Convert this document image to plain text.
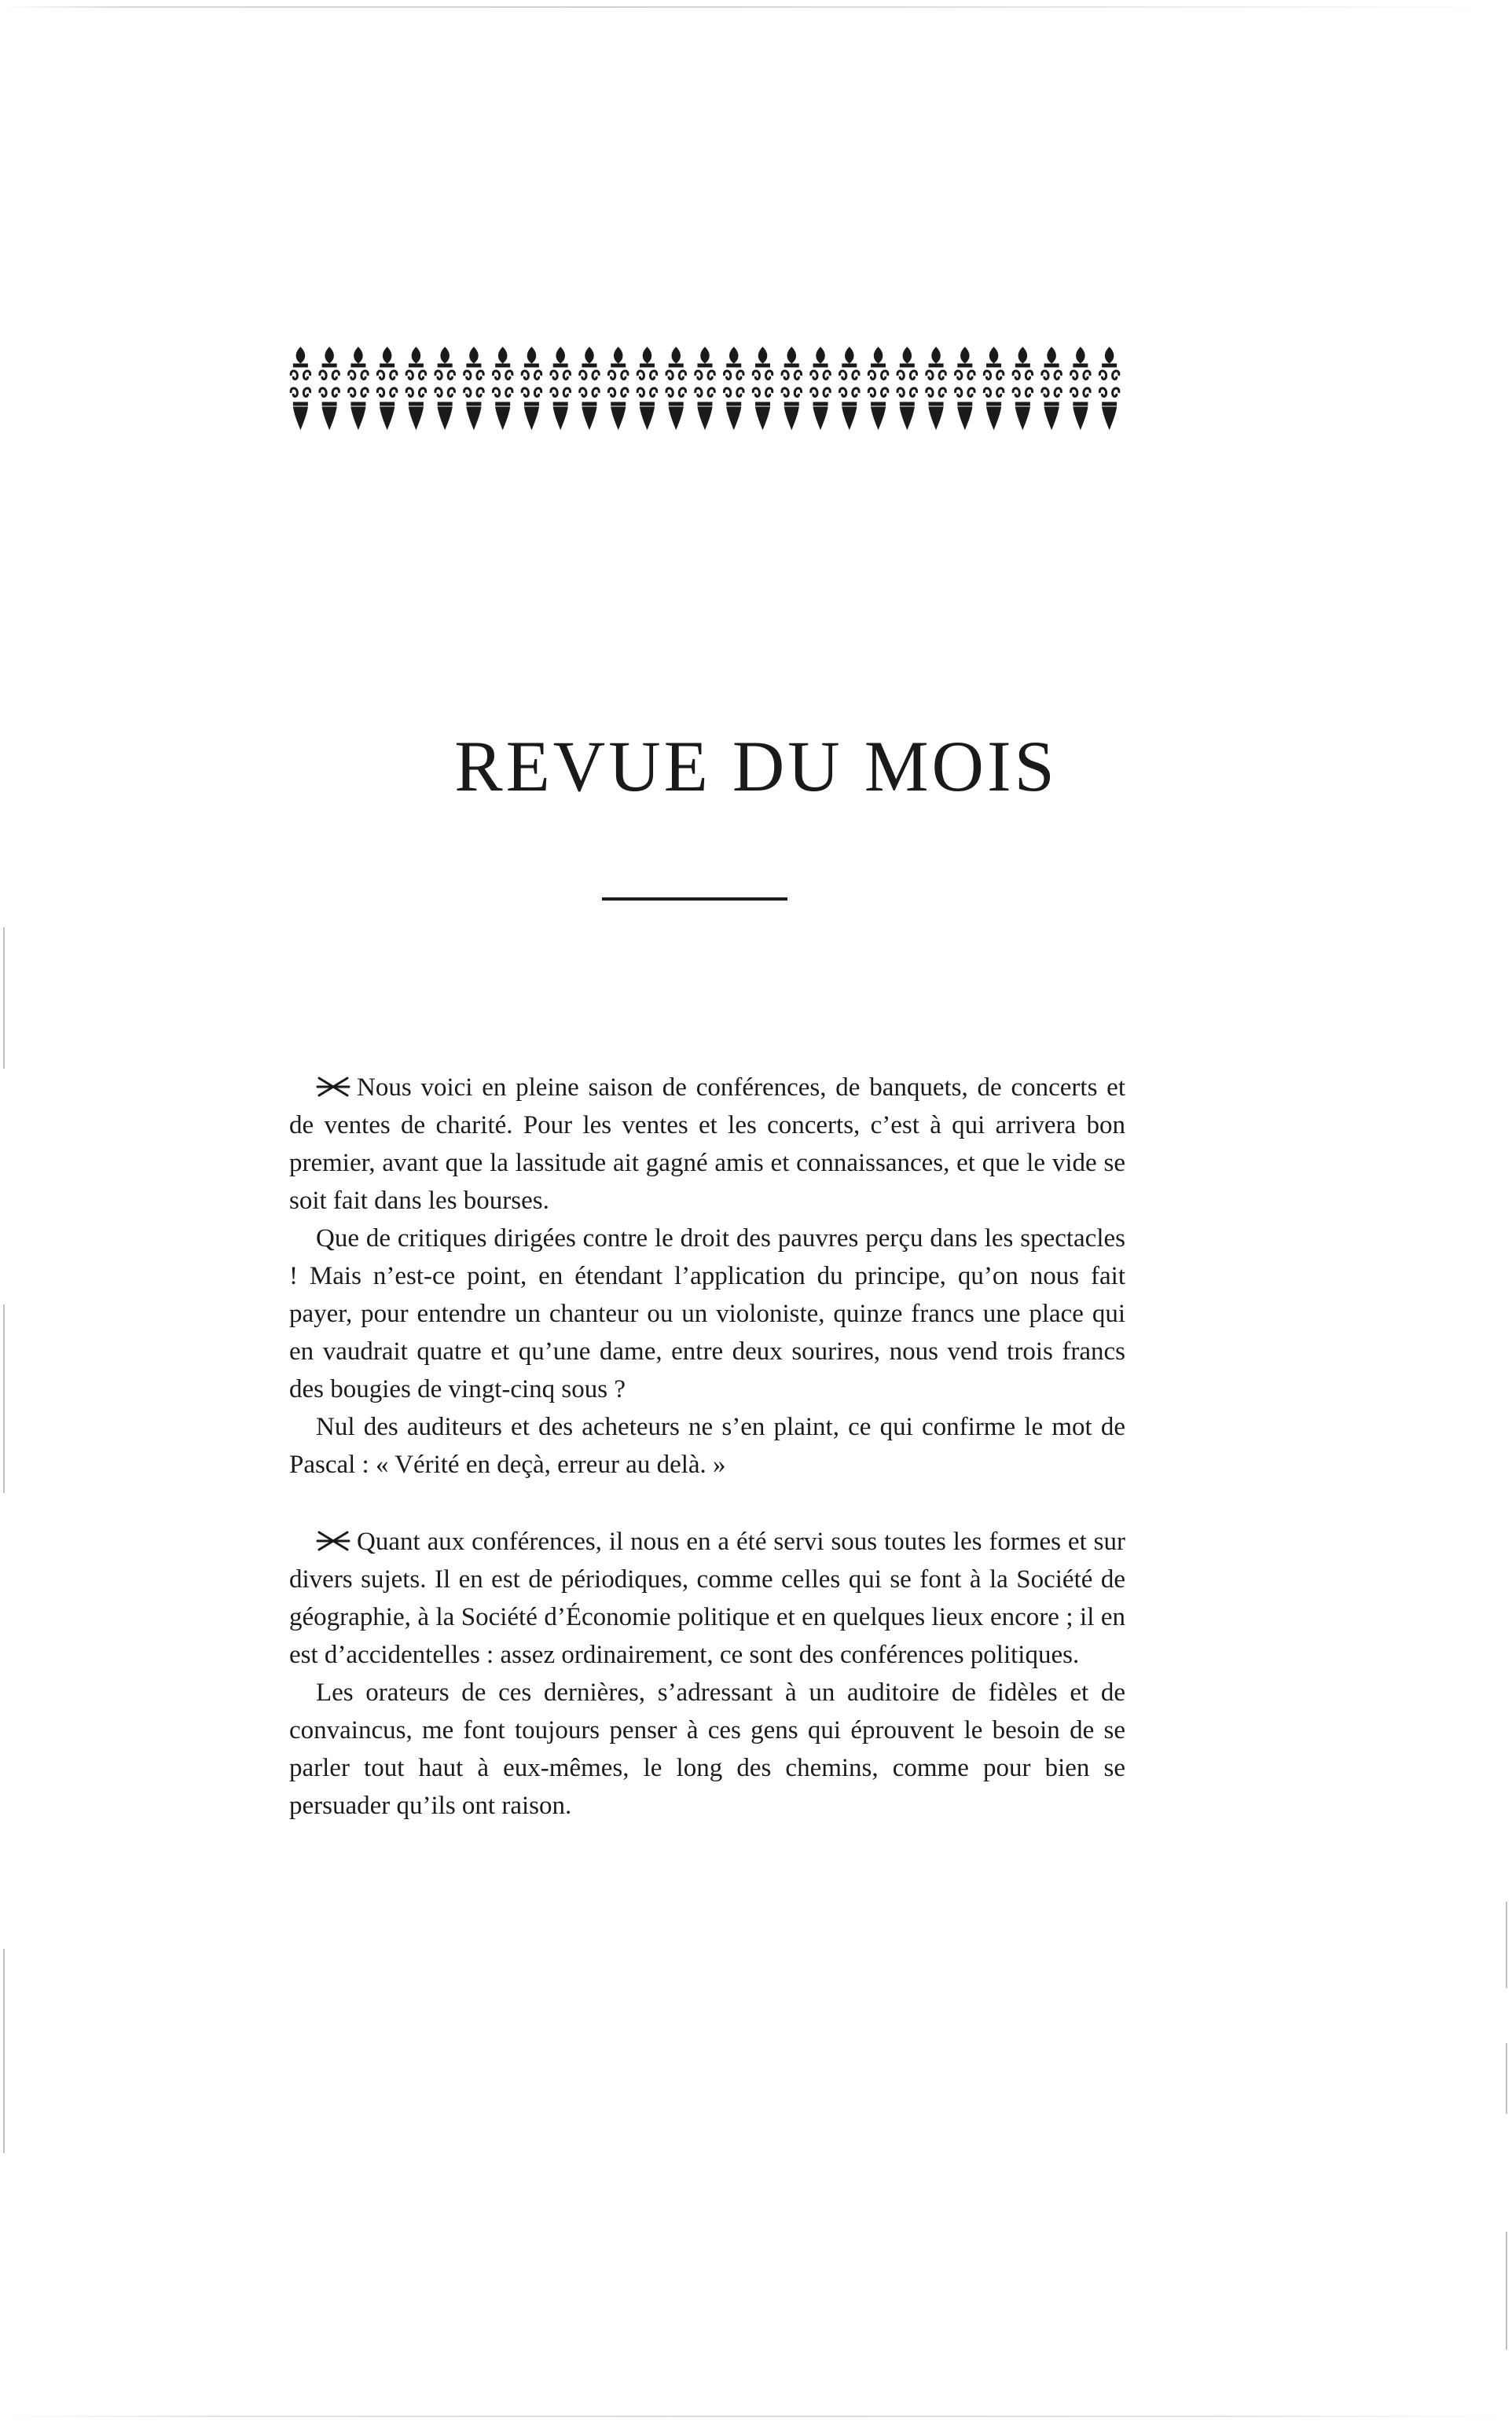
REVUE DU MOIS

Nous voici en pleine saison de conférences, de banquets, de concerts et de ventes de charité. Pour les ventes et les concerts, c’est à qui arrivera bon premier, avant que la lassitude ait gagné amis et connaissances, et que le vide se soit fait dans les bourses.

Que de critiques dirigées contre le droit des pauvres perçu dans les spectacles ! Mais n’est-ce point, en étendant l’application du principe, qu’on nous fait payer, pour entendre un chanteur ou un violoniste, quinze francs une place qui en vaudrait quatre et qu’une dame, entre deux sourires, nous vend trois francs des bougies de vingt-cinq sous ?

Nul des auditeurs et des acheteurs ne s’en plaint, ce qui confirme le mot de Pascal : « Vérité en deçà, erreur au delà. »

Quant aux conférences, il nous en a été servi sous toutes les formes et sur divers sujets. Il en est de périodiques, comme celles qui se font à la Société de géographie, à la Société d’Économie politique et en quelques lieux encore ; il en est d’accidentelles : assez ordinairement, ce sont des conférences politiques.

Les orateurs de ces dernières, s’adressant à un auditoire de fidèles et de convaincus, me font toujours penser à ces gens qui éprouvent le besoin de se parler tout haut à eux-mêmes, le long des chemins, comme pour bien se persuader qu’ils ont raison.
